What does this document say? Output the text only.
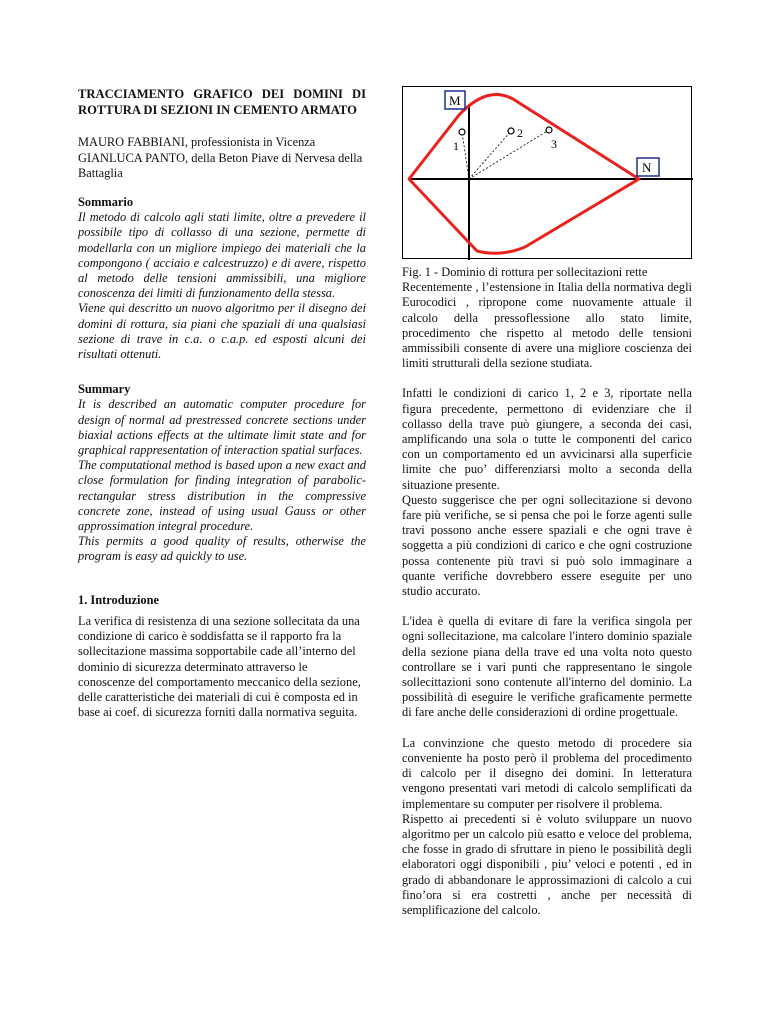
TRACCIAMENTO GRAFICO DEI DOMINI DI ROTTURA DI SEZIONI IN CEMENTO ARMATO

MAURO FABBIANI, professionista in Vicenza
GIANLUCA PANTO, della Beton Piave di Nervesa della Battaglia

Sommario

Il metodo di calcolo agli stati limite, oltre a prevedere il possibile tipo di collasso di una sezione, permette di modellarla con un migliore impiego dei materiali che la compongono ( acciaio e calcestruzzo) e di avere, rispetto al metodo delle tensioni ammissibili, una migliore conoscenza dei limiti di funzionamento della stessa.

Viene qui descritto un nuovo algoritmo per il disegno dei domini di rottura, sia piani che spaziali di una qualsiasi sezione di trave in c.a. o c.a.p. ed esposti alcuni dei risultati ottenuti.

Summary

It is described an automatic computer procedure for design of normal ad prestressed concrete sections under biaxial actions effects at the ultimate limit state and for graphical rappresentation of interaction spatial surfaces.

The computational method is based upon a new exact and close formulation for finding integration of parabolic-rectangular stress distribution in the compressive concrete zone, instead of using usual Gauss or other approssimation integral procedure.

This permits a good quality of results, otherwise the program is easy ad quickly to use.

1. Introduzione

La verifica di resistenza di una sezione sollecitata da una condizione di carico è soddisfatta se il rapporto fra la sollecitazione massima sopportabile cade all’interno del dominio di sicurezza determinato attraverso le conoscenze del comportamento meccanico della sezione, delle caratteristiche dei materiali di cui è composta ed in base ai coef. di sicurezza forniti dalla normativa seguita.

1
2
3
M
N

Fig. 1 - Dominio di rottura per sollecitazioni rette

Recentemente , l’estensione in Italia della normativa degli Eurocodici , ripropone come nuovamente attuale il calcolo della pressoflessione allo stato limite, procedimento che rispetto al metodo delle tensioni ammissibili consente di avere una migliore coscienza dei limiti strutturali della sezione studiata.

Infatti le condizioni di carico 1, 2 e 3, riportate nella figura precedente, permettono di evidenziare che il collasso della trave può giungere, a seconda dei casi, amplificando una sola o tutte le componenti del carico con un comportamento ed un avvicinarsi alla superficie limite che puo’ differenziarsi molto a seconda della situazione presente.

Questo suggerisce che per ogni sollecitazione si devono fare più verifiche, se si pensa che poi le forze agenti sulle travi possono anche essere spaziali e che ogni trave è soggetta a più condizioni di carico e che ogni costruzione possa contenente più travi si può solo immaginare a quante verifiche dovrebbero essere eseguite per uno studio accurato.

L'idea è quella di evitare di fare la verifica singola per ogni sollecitazione, ma calcolare l'intero dominio spaziale della sezione piana della trave ed una volta noto questo controllare se i vari punti che rappresentano le singole sollecittazioni sono contenute all'interno del dominio. La possibilità di eseguire le verifiche graficamente permette di fare anche delle considerazioni di ordine progettuale.

La convinzione che questo metodo di procedere sia conveniente ha posto però il problema del procedimento di calcolo per il disegno dei domini. In letteratura vengono presentati vari metodi di calcolo semplificati da implementare su computer per risolvere il problema.

Rispetto ai precedenti si è voluto sviluppare un nuovo algoritmo per un calcolo più esatto e veloce del problema, che fosse in grado di sfruttare in pieno le possibilità degli elaboratori oggi disponibili , piu’ veloci e potenti , ed in grado di abbandonare le approssimazioni di calcolo a cui fino’ora si era costretti , anche per necessità di semplificazione del calcolo.
